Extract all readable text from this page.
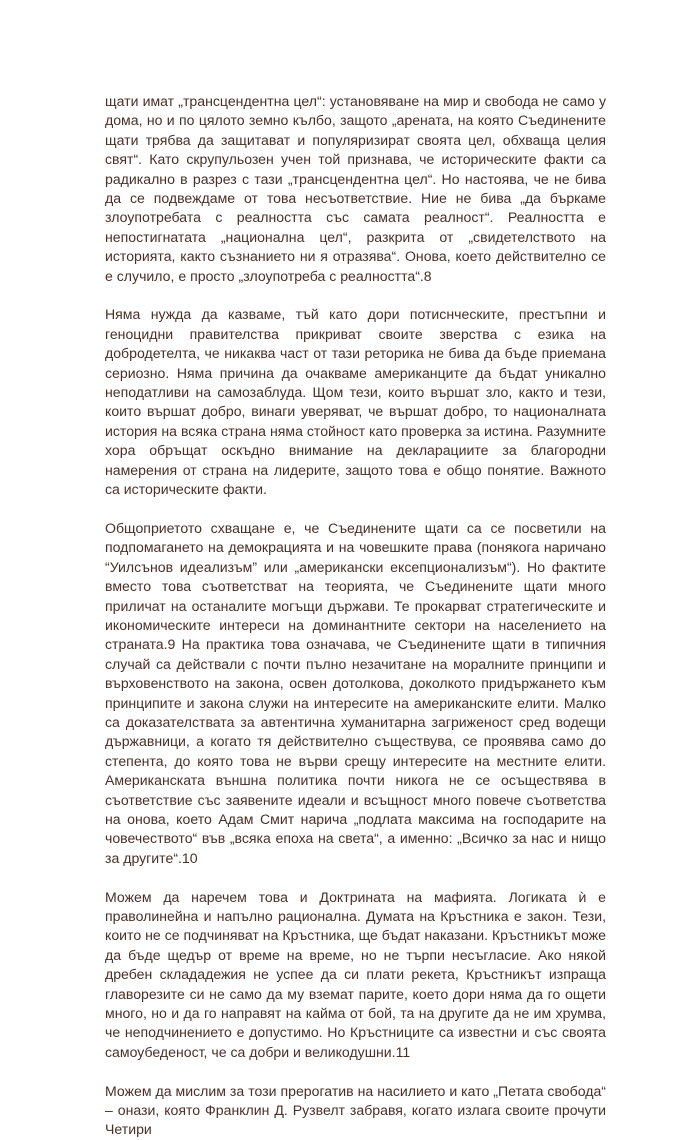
щати имат „трансцендентна цел“: установяване на мир и свобода не само у дома, но и по цялото земно кълбо, защото „арената, на която Съединените щати трябва да защитават и популяризират своята цел, обхваща целия свят“. Като скрупульозен учен той признава, че историческите факти са радикално в разрез с тази „трансцендентна цел“. Но настоява, че не бива да се подвеждаме от това несъответствие. Ние не бива „да бъркаме злоупотребата с реалността със самата реалност“. Реалността е непостигнатата „национална цел“, разкрита от „свидетелството на историята, както съзнанието ни я отразява“. Онова, което действително се е случило, е просто „злоупотреба с реалността“.8

Няма нужда да казваме, тъй като дори потиснческите, престъпни и геноцидни правителства прикриват своите зверства с езика на добродетелта, че никаква част от тази реторика не бива да бъде приемана сериозно. Няма причина да очакваме американците да бъдат уникално неподатливи на самозаблуда. Щом тези, които вършат зло, както и тези, които вършат добро, винаги уверяват, че вършат добро, то националната история на всяка страна няма стойност като проверка за истина. Разумните хора обръщат оскъдно внимание на декларациите за благородни намерения от страна на лидерите, защото това е общо понятие. Важното са историческите факти.

Общоприетото схващане е, че Съединените щати са се посветили на подпомагането на демокрацията и на човешките права (понякога наричано “Уилсънов идеализъм” или „американски ексепционализъм“). Но фактите вместо това съответстват на теорията, че Съединените щати много приличат на останалите могъщи държави. Те прокарват стратегическите и икономическите интереси на доминантните сектори на населението на страната.9 На практика това означава, че Съединените щати в типичния случай са действали с почти пълно незачитане на моралните принципи и върховенството на закона, освен дотолкова, доколкото придържането към принципите и закона служи на интересите на американските елити. Малко са доказателствата за автентична хуманитарна загриженост сред водещи държавници, а когато тя действително съществува, се проявява само до степента, до която това не върви срещу интересите на местните елити. Американската външна политика почти никога не се осъществява в съответствие със заявените идеали и всъщност много повече съответства на онова, което Адам Смит нарича „подлата максима на господарите на човечеството“ във „всяка епоха на света“, а именно: „Всичко за нас и нищо за другите“.10

Можем да наречем това и Доктрината на мафията. Логиката ѝ е праволинейна и напълно рационална. Думата на Кръстника е закон. Тези, които не се подчиняват на Кръстника, ще бъдат наказани. Кръстникът може да бъде щедър от време на време, но не търпи несъгласие. Ако някой дребен склададежия не успее да си плати рекета, Кръстникът изпраща главорезите си не само да му вземат парите, което дори няма да го ощети много, но и да го направят на кайма от бой, та на другите да не им хрумва, че неподчинението е допустимо. Но Кръстниците са известни и със своята самоубеденост, че са добри и великодушни.11

Можем да мислим за този прерогатив на насилието и като „Петата свобода“ – онази, която Франклин Д. Рузвелт забравя, когато излага своите прочути Четири
